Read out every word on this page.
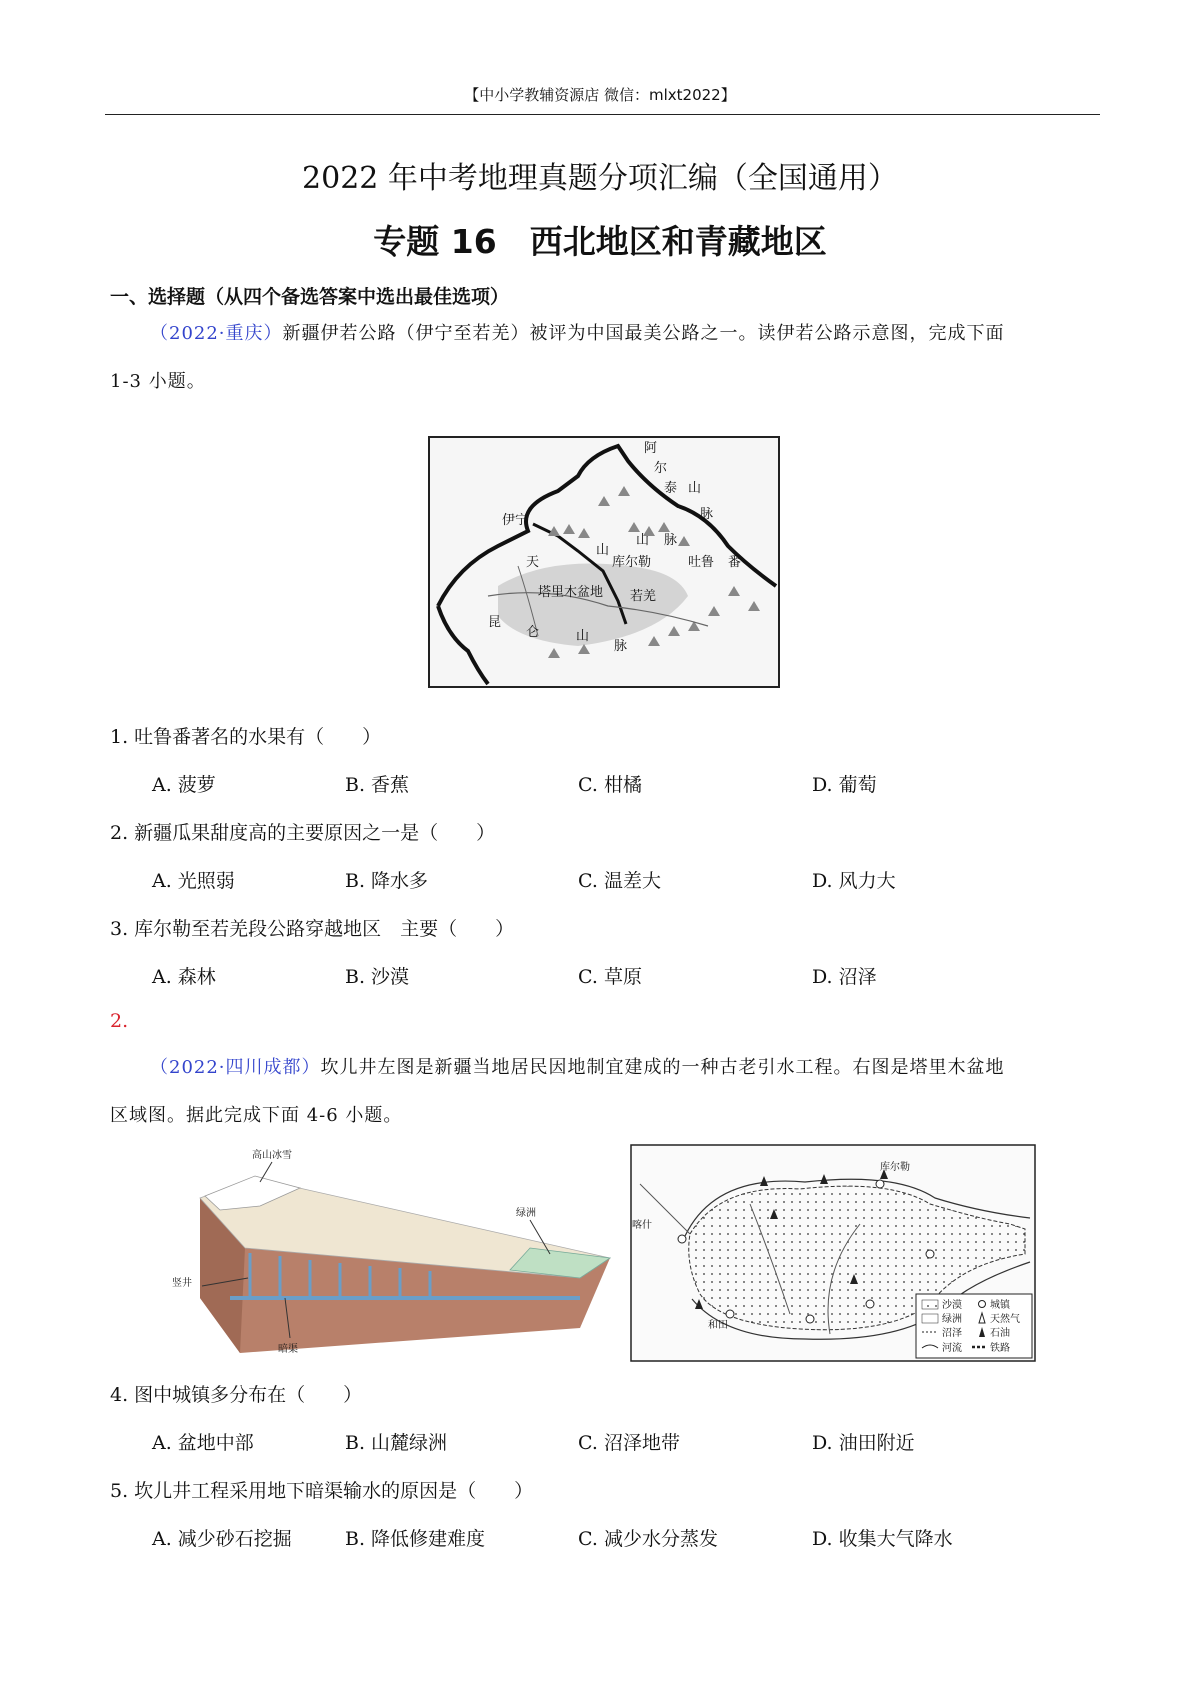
【中小学教辅资源店 微信：mlxt2022】
2022 年中考地理真题分项汇编（全国通用）
专题 16　西北地区和青藏地区
一、选择题（从四个备选答案中选出最佳选项）
（2022·重庆）新疆伊若公路（伊宁至若羌）被评为中国最美公路之一。读伊若公路示意图，完成下面
1-3 小题。
阿
尔
泰 山
脉
伊宁
天
山
山 脉
库尔勒	吐鲁 番
塔里木盆地 若羌
昆
仑	山
脉
1. 吐鲁番著名的水果有（　　）
A. 菠萝	B. 香蕉	C. 柑橘	D. 葡萄
2. 新疆瓜果甜度高的主要原因之一是（　　）
A. 光照弱	B. 降水多	C. 温差大	D. 风力大
3. 库尔勒至若羌段公路穿越地区　主要（　　）
A. 森林	B. 沙漠	C. 草原	D. 沼泽
2.
（2022·四川成都）坎儿井左图是新疆当地居民因地制宜建成的一种古老引水工程。右图是塔里木盆地
区域图。据此完成下面 4-6 小题。
高山冰雪
竖井
绿洲
暗渠
喀什
库尔勒
和田
沙漠	城镇
绿洲	天然气
沼泽	石油
河流	铁路
4. 图中城镇多分布在（　　）
A. 盆地中部	B. 山麓绿洲	C. 沼泽地带	D. 油田附近
5. 坎儿井工程采用地下暗渠输水的原因是（　　）
A. 减少砂石挖掘	B. 降低修建难度	C. 减少水分蒸发	D. 收集大气降水
